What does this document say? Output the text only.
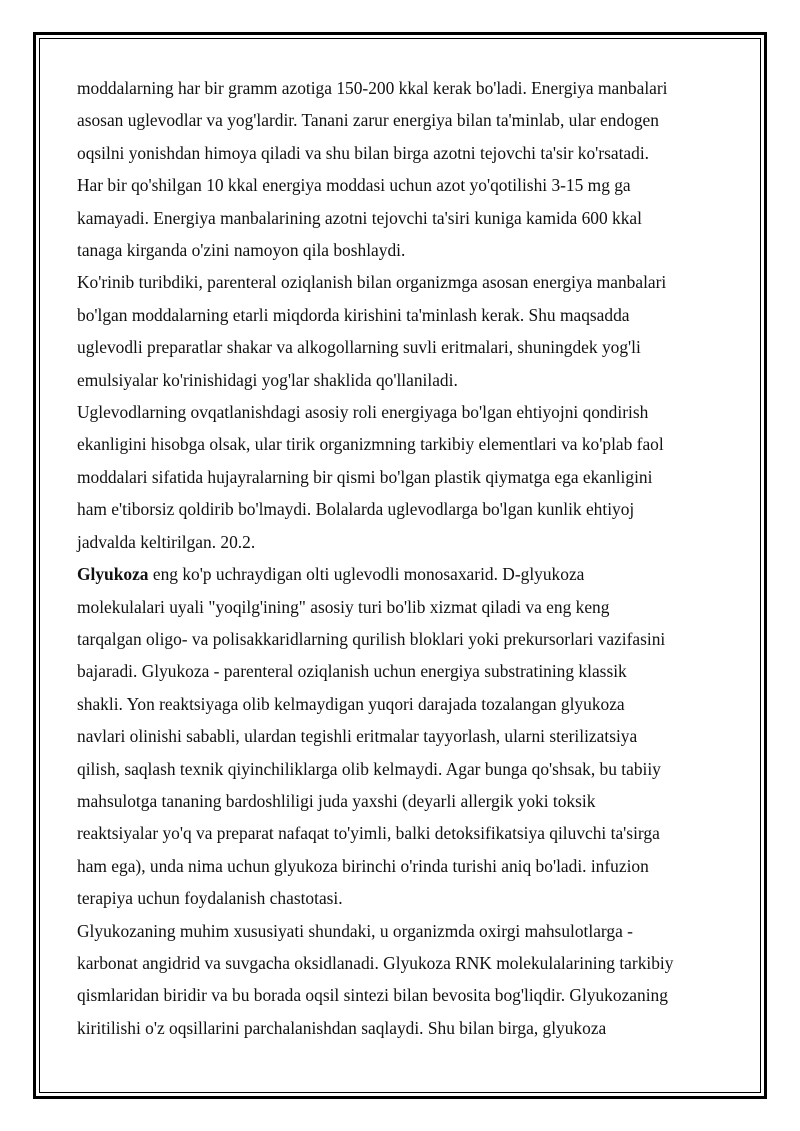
moddalarning har bir gramm azotiga 150-200 kkal kerak bo'ladi. Energiya manbalari
asosan uglevodlar va yog'lardir. Tanani zarur energiya bilan ta'minlab, ular endogen
oqsilni yonishdan himoya qiladi va shu bilan birga azotni tejovchi ta'sir ko'rsatadi.
Har bir qo'shilgan 10 kkal energiya moddasi uchun azot yo'qotilishi 3-15 mg ga
kamayadi. Energiya manbalarining azotni tejovchi ta'siri kuniga kamida 600 kkal
tanaga kirganda o'zini namoyon qila boshlaydi.

Ko'rinib turibdiki, parenteral oziqlanish bilan organizmga asosan energiya manbalari
bo'lgan moddalarning etarli miqdorda kirishini ta'minlash kerak. Shu maqsadda
uglevodli preparatlar shakar va alkogollarning suvli eritmalari, shuningdek yog'li
emulsiyalar ko'rinishidagi yog'lar shaklida qo'llaniladi.

Uglevodlarning ovqatlanishdagi asosiy roli energiyaga bo'lgan ehtiyojni qondirish
ekanligini hisobga olsak, ular tirik organizmning tarkibiy elementlari va ko'plab faol
moddalari sifatida hujayralarning bir qismi bo'lgan plastik qiymatga ega ekanligini
ham e'tiborsiz qoldirib bo'lmaydi. Bolalarda uglevodlarga bo'lgan kunlik ehtiyoj
jadvalda keltirilgan. 20.2.

Glyukoza eng ko'p uchraydigan olti uglevodli monosaxarid. D-glyukoza
molekulalari uyali "yoqilg'ining" asosiy turi bo'lib xizmat qiladi va eng keng
tarqalgan oligo- va polisakkaridlarning qurilish bloklari yoki prekursorlari vazifasini
bajaradi. Glyukoza - parenteral oziqlanish uchun energiya substratining klassik
shakli. Yon reaktsiyaga olib kelmaydigan yuqori darajada tozalangan glyukoza
navlari olinishi sababli, ulardan tegishli eritmalar tayyorlash, ularni sterilizatsiya
qilish, saqlash texnik qiyinchiliklarga olib kelmaydi. Agar bunga qo'shsak, bu tabiiy
mahsulotga tananing bardoshliligi juda yaxshi (deyarli allergik yoki toksik
reaktsiyalar yo'q va preparat nafaqat to'yimli, balki detoksifikatsiya qiluvchi ta'sirga
ham ega), unda nima uchun glyukoza birinchi o'rinda turishi aniq bo'ladi. infuzion
terapiya uchun foydalanish chastotasi.

Glyukozaning muhim xususiyati shundaki, u organizmda oxirgi mahsulotlarga -
karbonat angidrid va suvgacha oksidlanadi. Glyukoza RNK molekulalarining tarkibiy
qismlaridan biridir va bu borada oqsil sintezi bilan bevosita bog'liqdir. Glyukozaning
kiritilishi o'z oqsillarini parchalanishdan saqlaydi. Shu bilan birga, glyukoza
